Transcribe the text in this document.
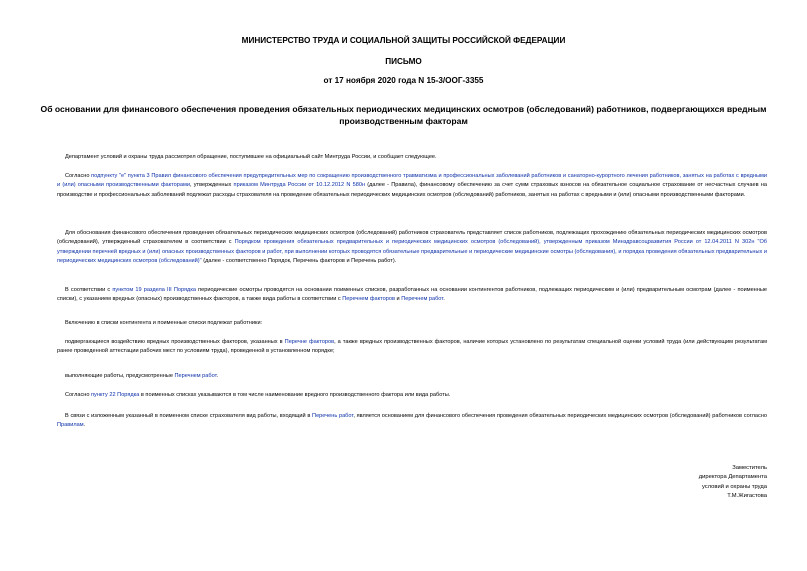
МИНИСТЕРСТВО ТРУДА И СОЦИАЛЬНОЙ ЗАЩИТЫ РОССИЙСКОЙ ФЕДЕРАЦИИ
ПИСЬМО
от 17 ноября 2020 года N 15-3/ООГ-3355
Об основании для финансового обеспечения проведения обязательных периодических медицинских осмотров (обследований) работников, подвергающихся вредным производственным факторам
Департамент условий и охраны труда рассмотрел обращение, поступившее на официальный сайт Минтруда России, и сообщает следующее.
Согласно подпункту "е" пункта 3 Правил финансового обеспечения предупредительных мер по сокращению производственного травматизма и профессиональных заболеваний работников и санаторно-курортного лечения работников, занятых на работах с вредными и (или) опасными производственными факторами, утвержденных приказом Минтруда России от 10.12.2012 N 580н (далее - Правила), финансовому обеспечению за счет сумм страховых взносов на обязательное социальное страхование от несчастных случаев на производстве и профессиональных заболеваний подлежат расходы страхователя на проведение обязательных периодических медицинских осмотров (обследований) работников, занятых на работах с вредными и (или) опасными производственными факторами.
Для обоснования финансового обеспечения проведения обязательных периодических медицинских осмотров (обследований) работников страхователь представляет список работников, подлежащих прохождению обязательных периодических медицинских осмотров (обследований), утвержденный страхователем в соответствии с Порядком проведения обязательных предварительных и периодических медицинских осмотров (обследований), утвержденным приказом Минздравсоцразвития России от 12.04.2011 N 302н "Об утверждении перечней вредных и (или) опасных производственных факторов и работ, при выполнении которых проводятся обязательные предварительные и периодические медицинские осмотры (обследования), и порядка проведения обязательных предварительных и периодических медицинских осмотров (обследований)" (далее - соответственно Порядок, Перечень факторов и Перечень работ).
В соответствии с пунктом 19 раздела III Порядка периодические осмотры проводятся на основании поименных списков, разработанных на основании контингентов работников, подлежащих периодическим и (или) предварительным осмотрам (далее - поименные списки), с указанием вредных (опасных) производственных факторов, а также вида работы в соответствии с Перечнем факторов и Перечнем работ.
Включению в списки контингента и поименные списки подлежат работники:
подвергающиеся воздействию вредных производственных факторов, указанных в Перечне факторов, а также вредных производственных факторов, наличие которых установлено по результатам специальной оценки условий труда (или действующим результатам ранее проведенной аттестации рабочих мест по условиям труда), проведенной в установленном порядке;
выполняющие работы, предусмотренные Перечнем работ.
Согласно пункту 22 Порядка в поименных списках указываются в том числе наименование вредного производственного фактора или вида работы.
В связи с изложенным указанный в поименном списке страхователя вид работы, входящий в Перечень работ, является основанием для финансового обеспечения проведения обязательных периодических медицинских осмотров (обследований) работников согласно Правилам.
Заместитель
директора Департамента
условий и охраны труда
Т.М.Жигастова
